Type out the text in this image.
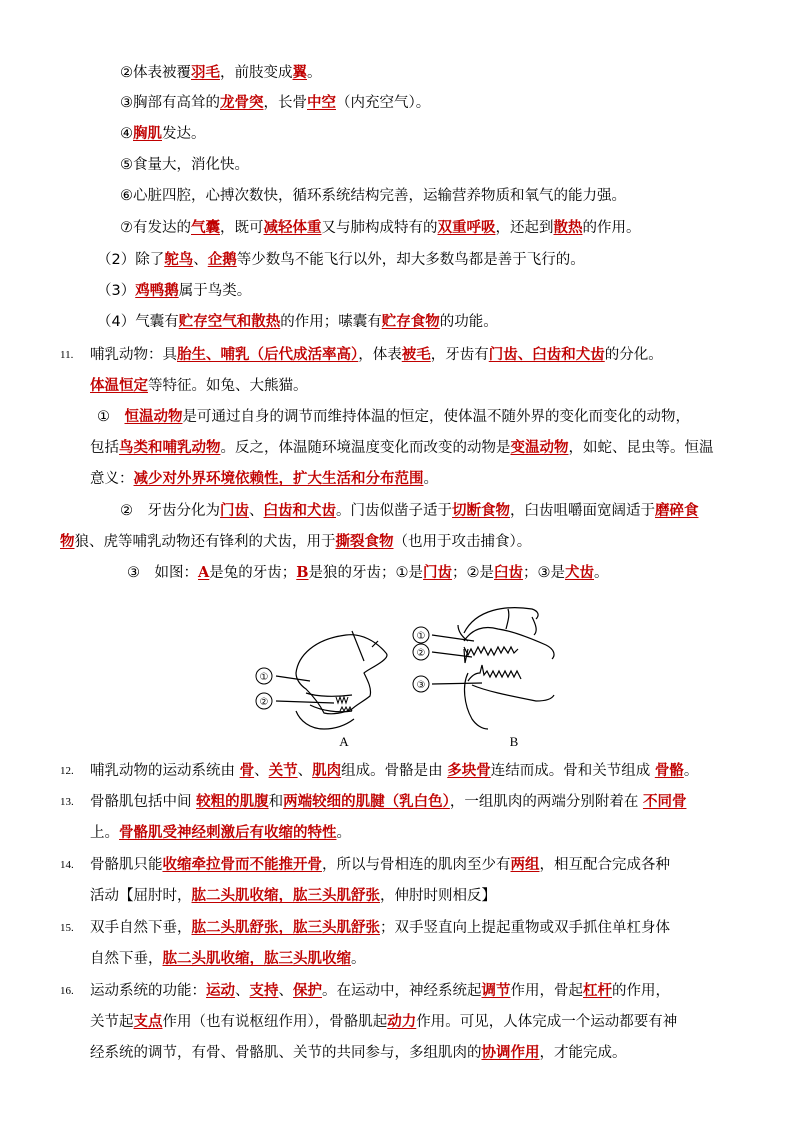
②体表被覆羽毛，前肢变成翼。
③胸部有高耸的龙骨突，长骨中空（内充空气）。
④胸肌发达。
⑤食量大，消化快。
⑥心脏四腔，心搏次数快，循环系统结构完善，运输营养物质和氧气的能力强。
⑦有发达的气囊，既可减轻体重又与肺构成特有的双重呼吸，还起到散热的作用。
（2）除了鸵鸟、企鹅等少数鸟不能飞行以外，却大多数鸟都是善于飞行的。
（3）鸡鸭鹅属于鸟类。
（4）气囊有贮存空气和散热的作用；嗉囊有贮存食物的功能。
哺乳动物：具胎生、哺乳（后代成活率高），体表被毛，牙齿有门齿、臼齿和犬齿的分化。
体温恒定等特征。如兔、大熊猫。
①　恒温动物是可通过自身的调节而维持体温的恒定，使体温不随外界的变化而变化的动物，
包括鸟类和哺乳动物。反之，体温随环境温度变化而改变的动物是变温动物，如蛇、昆虫等。恒温
意义：减少对外界环境依赖性，扩大生活和分布范围。
②　牙齿分化为门齿、臼齿和犬齿。门齿似凿子适于切断食物，臼齿咀嚼面宽阔适于磨碎食
物狼、虎等哺乳动物还有锋利的犬齿，用于撕裂食物（也用于攻击捕食）。
③　如图：A是兔的牙齿；B是狼的牙齿；①是门齿；②是臼齿；③是犬齿。
哺乳动物的运动系统由 骨、关节、肌肉组成。骨骼是由 多块骨连结而成。骨和关节组成 骨骼。
骨骼肌包括中间 较粗的肌腹和两端较细的肌腱（乳白色），一组肌肉的两端分别附着在 不同骨
上。骨骼肌受神经刺激后有收缩的特性。
骨骼肌只能收缩牵拉骨而不能推开骨，所以与骨相连的肌肉至少有两组，相互配合完成各种
活动【屈肘时，肱二头肌收缩，肱三头肌舒张，伸肘时则相反】
双手自然下垂，肱二头肌舒张，肱三头肌舒张；双手竖直向上提起重物或双手抓住单杠身体
自然下垂，肱二头肌收缩，肱三头肌收缩。
运动系统的功能：运动、支持、保护。在运动中，神经系统起调节作用，骨起杠杆的作用，
关节起支点作用（也有说枢纽作用），骨骼肌起动力作用。可见，人体完成一个运动都要有神
经系统的调节，有骨、骨骼肌、关节的共同参与，多组肌肉的协调作用，才能完成。
11.
12.
13.
14.
15.
16.
①
②
A
①
②
③
B
